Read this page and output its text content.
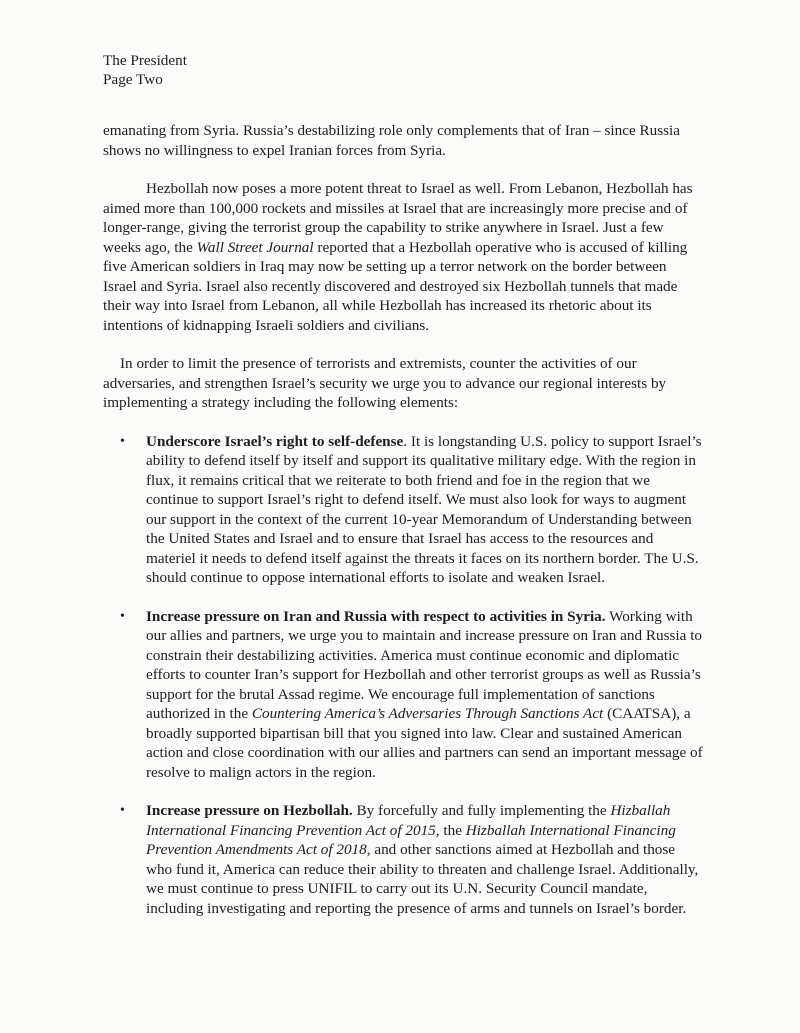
The President
Page Two

emanating from Syria. Russia’s destabilizing role only complements that of Iran – since Russia shows no willingness to expel Iranian forces from Syria.

Hezbollah now poses a more potent threat to Israel as well. From Lebanon, Hezbollah has aimed more than 100,000 rockets and missiles at Israel that are increasingly more precise and of longer-range, giving the terrorist group the capability to strike anywhere in Israel. Just a few weeks ago, the Wall Street Journal reported that a Hezbollah operative who is accused of killing five American soldiers in Iraq may now be setting up a terror network on the border between Israel and Syria. Israel also recently discovered and destroyed six Hezbollah tunnels that made their way into Israel from Lebanon, all while Hezbollah has increased its rhetoric about its intentions of kidnapping Israeli soldiers and civilians.

In order to limit the presence of terrorists and extremists, counter the activities of our adversaries, and strengthen Israel’s security we urge you to advance our regional interests by implementing a strategy including the following elements:

• Underscore Israel’s right to self-defense. It is longstanding U.S. policy to support Israel’s ability to defend itself by itself and support its qualitative military edge. With the region in flux, it remains critical that we reiterate to both friend and foe in the region that we continue to support Israel’s right to defend itself. We must also look for ways to augment our support in the context of the current 10-year Memorandum of Understanding between the United States and Israel and to ensure that Israel has access to the resources and materiel it needs to defend itself against the threats it faces on its northern border. The U.S. should continue to oppose international efforts to isolate and weaken Israel.

• Increase pressure on Iran and Russia with respect to activities in Syria. Working with our allies and partners, we urge you to maintain and increase pressure on Iran and Russia to constrain their destabilizing activities. America must continue economic and diplomatic efforts to counter Iran’s support for Hezbollah and other terrorist groups as well as Russia’s support for the brutal Assad regime. We encourage full implementation of sanctions authorized in the Countering America’s Adversaries Through Sanctions Act (CAATSA), a broadly supported bipartisan bill that you signed into law. Clear and sustained American action and close coordination with our allies and partners can send an important message of resolve to malign actors in the region.

• Increase pressure on Hezbollah. By forcefully and fully implementing the Hizballah International Financing Prevention Act of 2015, the Hizballah International Financing Prevention Amendments Act of 2018, and other sanctions aimed at Hezbollah and those who fund it, America can reduce their ability to threaten and challenge Israel. Additionally, we must continue to press UNIFIL to carry out its U.N. Security Council mandate, including investigating and reporting the presence of arms and tunnels on Israel’s border.
